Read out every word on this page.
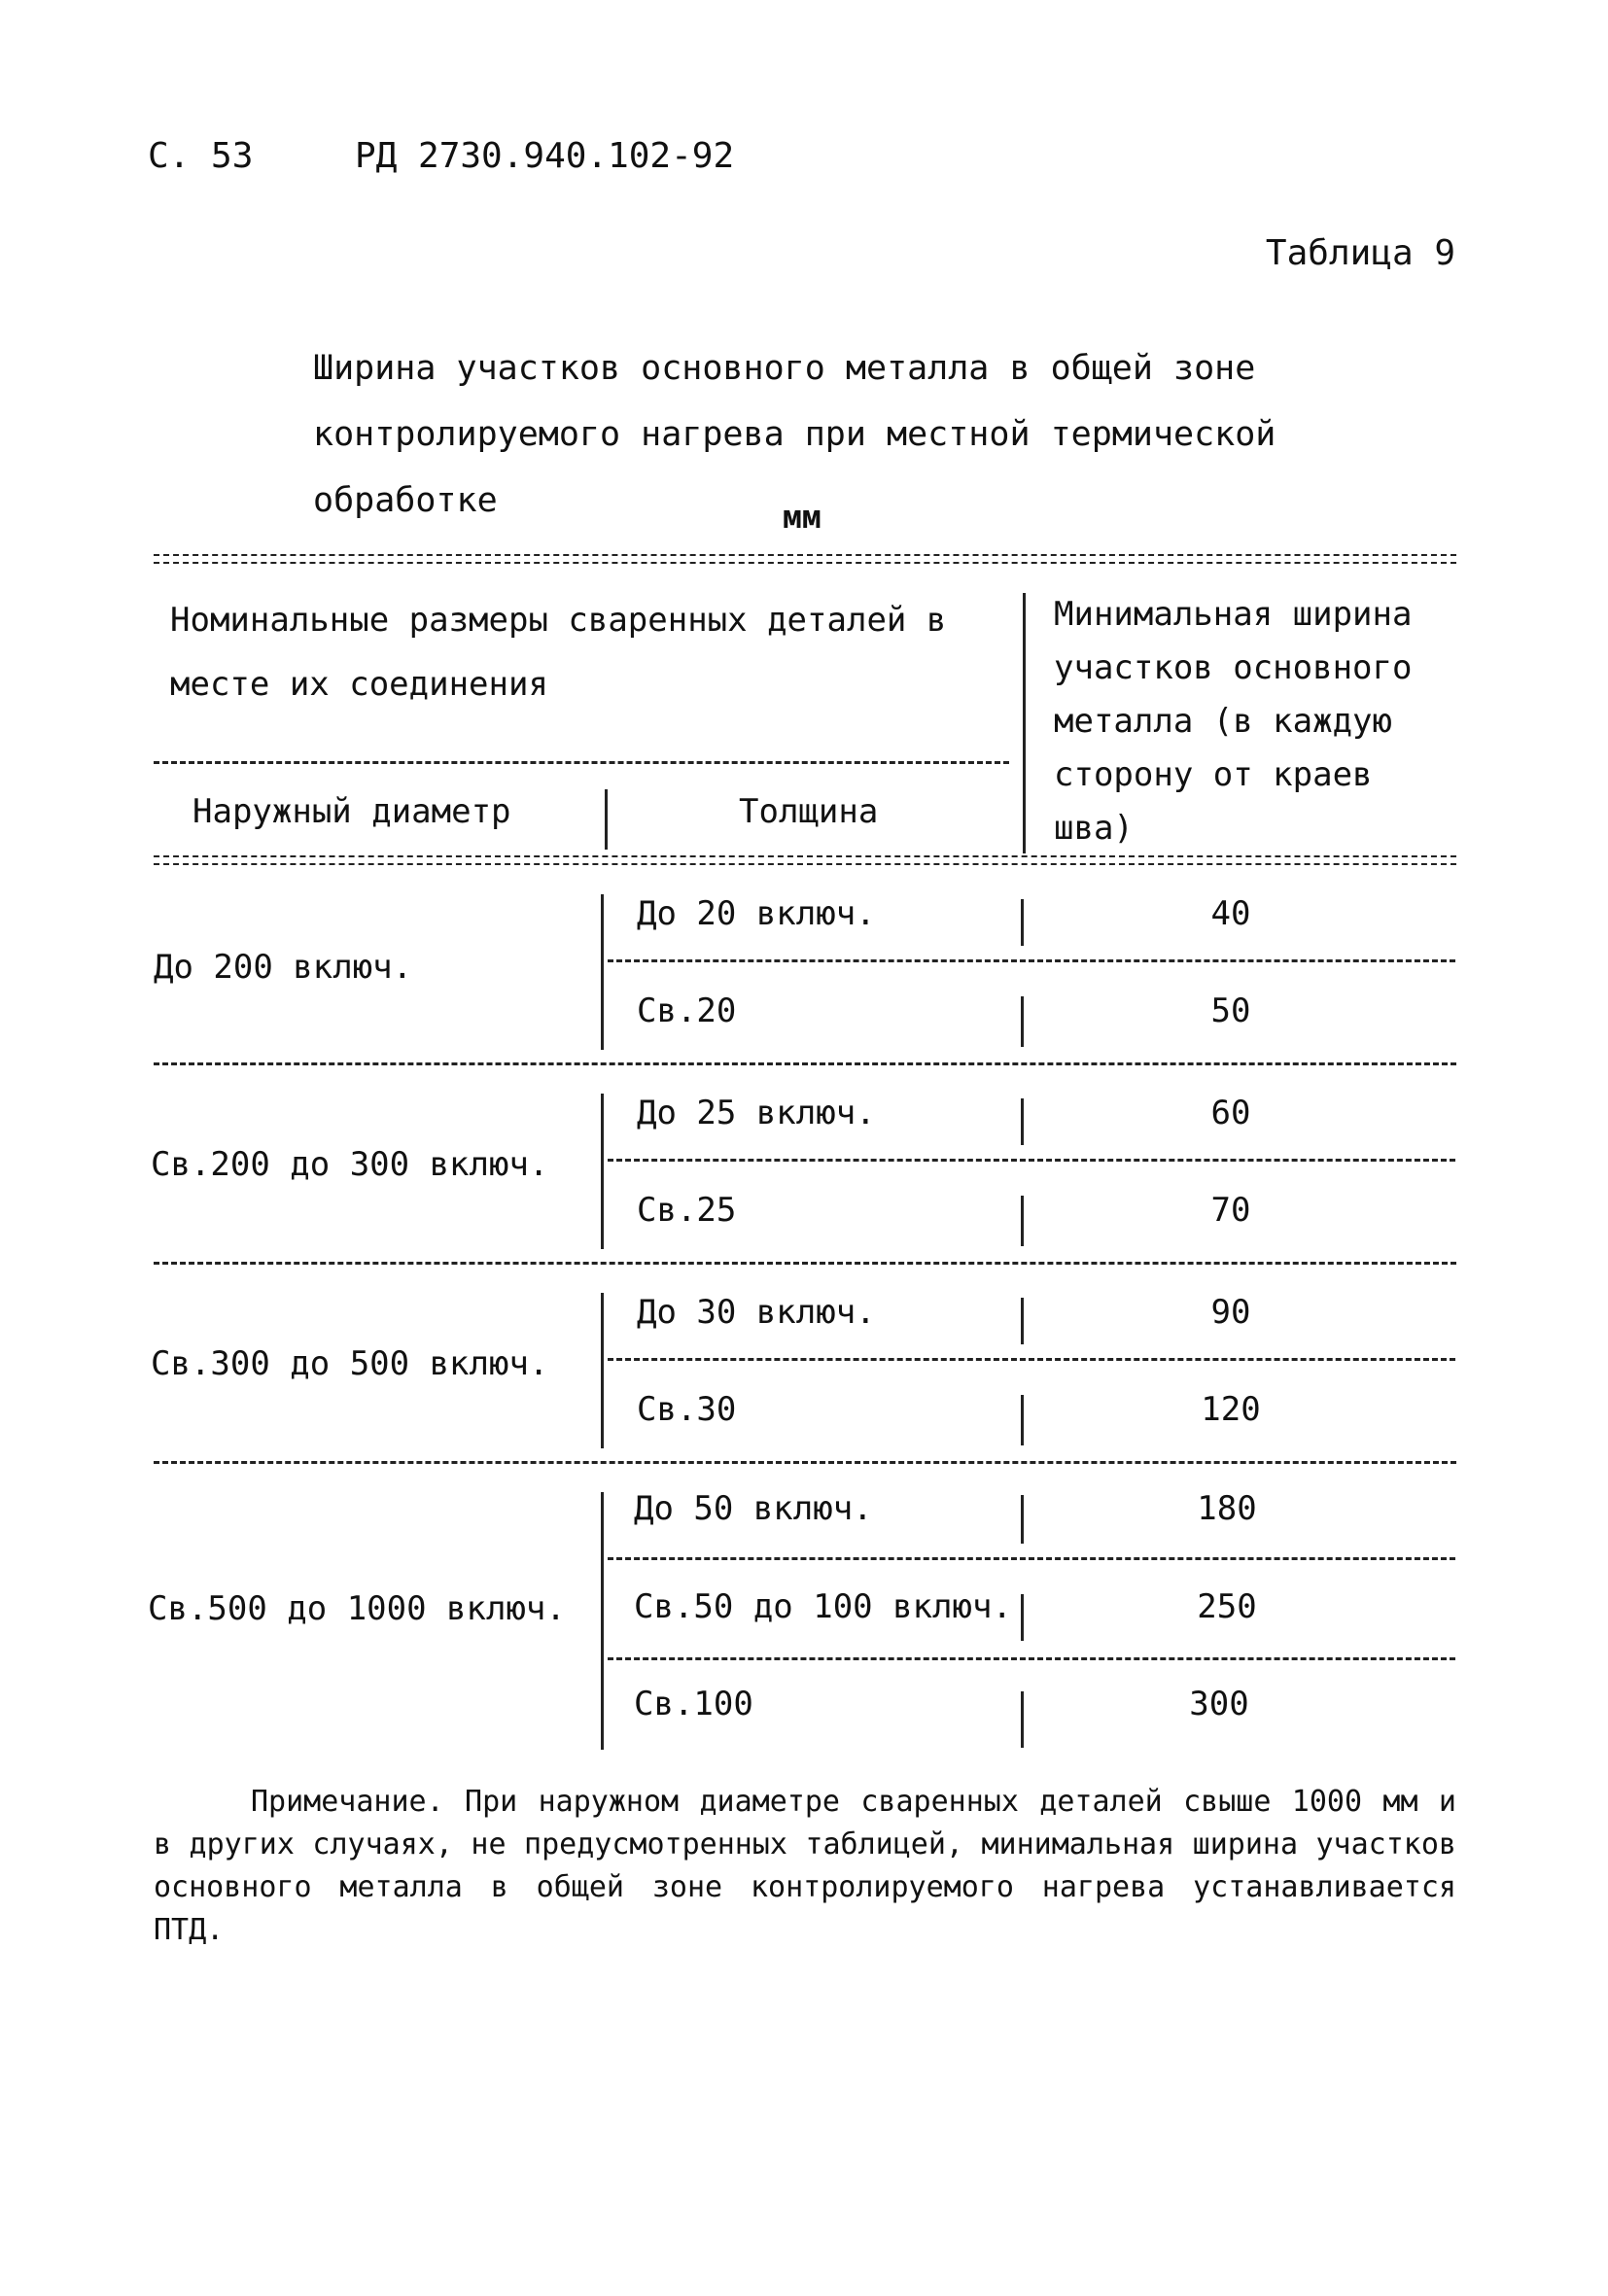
С. 53	РД 2730.940.102-92
Таблица 9
Ширина участков основного металла в общей зоне контролируемого нагрева при местной термической обработке	мм
Номинальные размеры сваренных деталей в месте их соединения
Наружный диаметр	Толщина
Минимальная ширина участков основного металла (в каждую сторону от краев шва)
До 200 включ.
До 20 включ.	40
Св.20	50
Св.200 до 300 включ.
До 25 включ.	60
Св.25	70
Св.300 до 500 включ.
До 30 включ.	90
Св.30	120
Св.500 до 1000 включ.
До 50 включ.	180
Св.50 до 100 включ.	250
Св.100	300
Примечание. При наружном диаметре сваренных деталей свыше 1000 мм и в других случаях, не предусмотренных таблицей, минимальная ширина участков основного металла в общей зоне контролируемого нагрева устанавливается ПТД.
